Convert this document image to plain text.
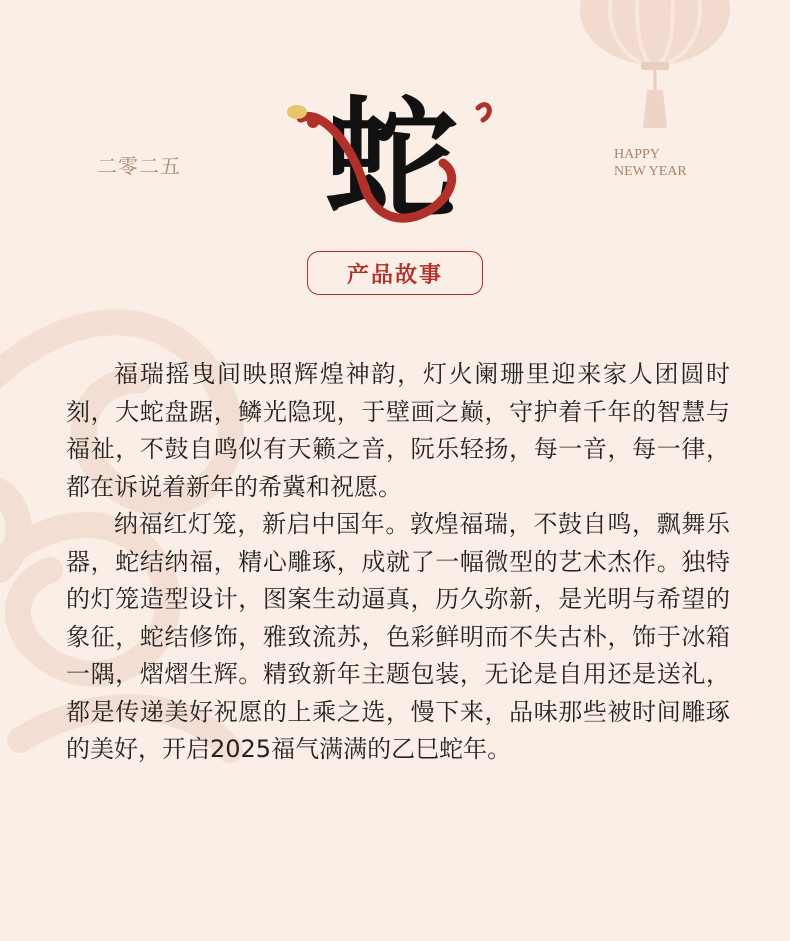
二零二五	HAPPY
NEW YEAR
蛇
产品故事

福瑞摇曳间映照辉煌神韵，灯火阑珊里迎来家人团圆时刻，大蛇盘踞，鳞光隐现，于壁画之巅，守护着千年的智慧与福祉，不鼓自鸣似有天籁之音，阮乐轻扬，每一音，每一律，都在诉说着新年的希冀和祝愿。

纳福红灯笼，新启中国年。敦煌福瑞，不鼓自鸣，飘舞乐器，蛇结纳福，精心雕琢，成就了一幅微型的艺术杰作。独特的灯笼造型设计，图案生动逼真，历久弥新，是光明与希望的象征，蛇结修饰，雅致流苏，色彩鲜明而不失古朴，饰于冰箱一隅，熠熠生辉。精致新年主题包装，无论是自用还是送礼，都是传递美好祝愿的上乘之选，慢下来，品味那些被时间雕琢的美好，开启2025福气满满的乙巳蛇年。
